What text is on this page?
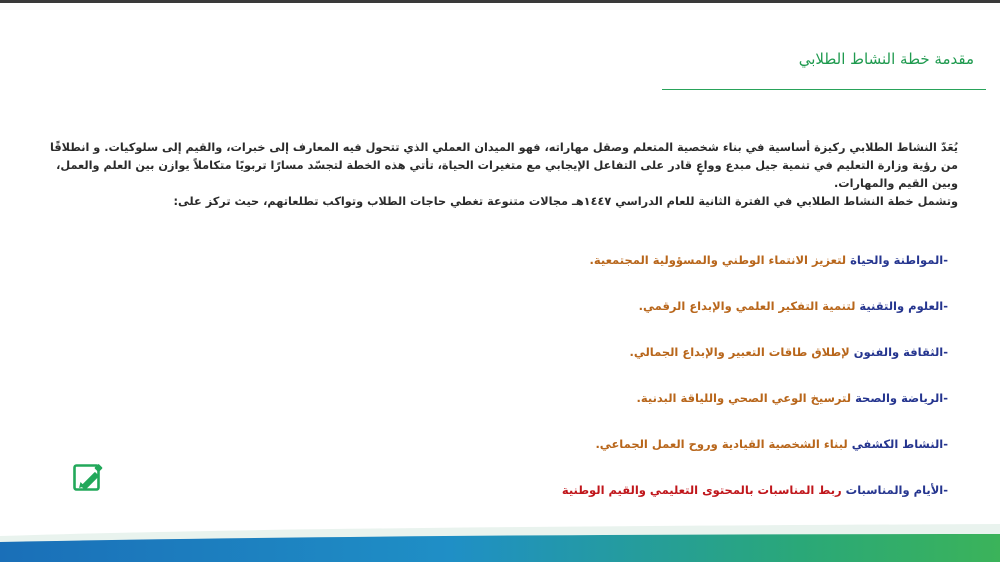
مقدمة خطة النشاط الطلابي

يُعَدّ النشاط الطلابي ركيزة أساسية في بناء شخصية المتعلم وصقل مهاراته، فهو الميدان العملي الذي تتحول فيه المعارف إلى خبرات، والقيم إلى سلوكيات. و انطلاقًا من رؤية وزارة التعليم في تنمية جيل مبدع وواعٍ قادر على التفاعل الإيجابي مع متغيرات الحياة، تأتي هذه الخطة لتجسّد مسارًا تربويًا متكاملاً يوازن بين العلم والعمل، وبين القيم والمهارات.

وتشمل خطة النشاط الطلابي في الفترة الثانية للعام الدراسي ١٤٤٧هـ مجالات متنوعة تغطي حاجات الطلاب وتواكب تطلعاتهم، حيث تركز على:

-المواطنة والحياة لتعزيز الانتماء الوطني والمسؤولية المجتمعية.
-العلوم والتقنية لتنمية التفكير العلمي والإبداع الرقمي.
-الثقافة والفنون لإطلاق طاقات التعبير والإبداع الجمالي.
-الرياضة والصحة لترسيخ الوعي الصحي واللياقة البدنية.
-النشاط الكشفي لبناء الشخصية القيادية وروح العمل الجماعي.
-الأيام والمناسبات ربط المناسبات بالمحتوى التعليمي والقيم الوطنية
